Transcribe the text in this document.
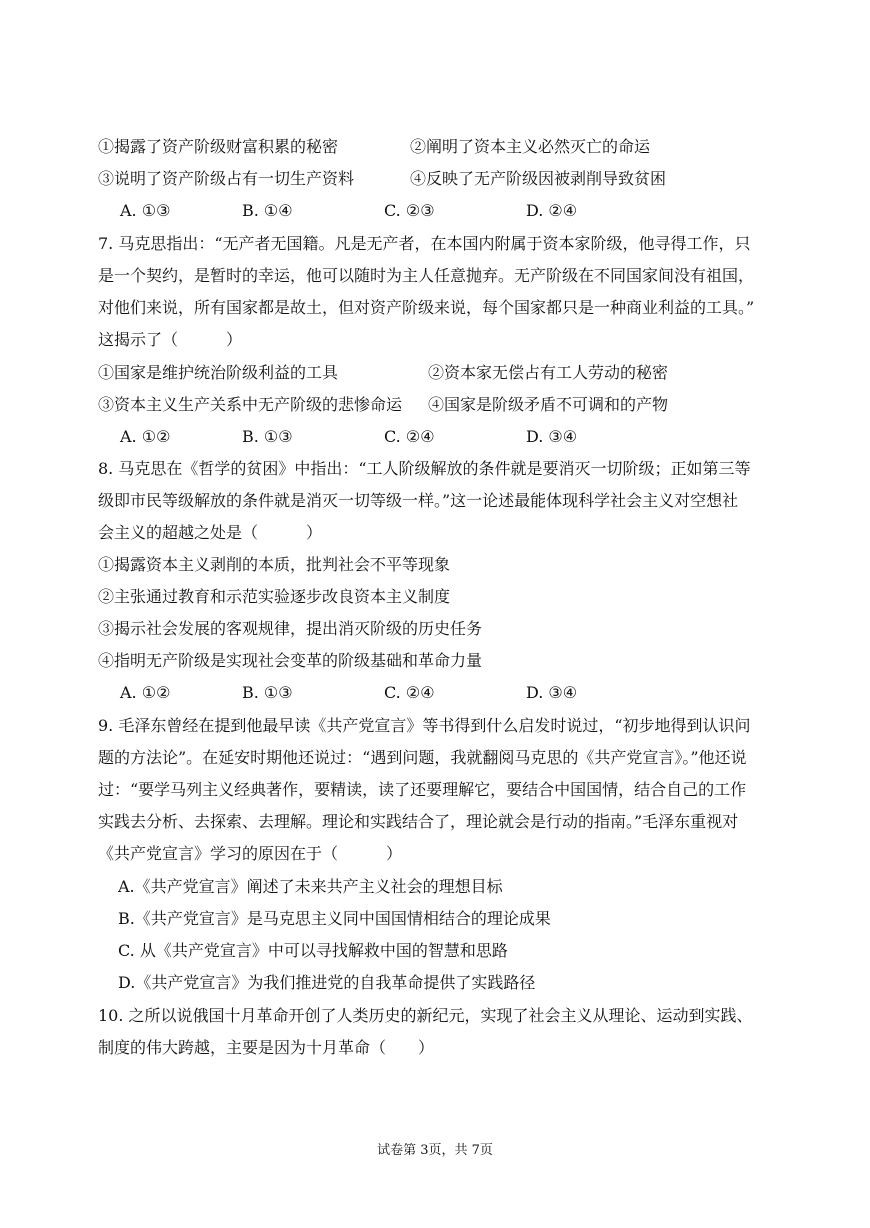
①揭露了资产阶级财富积累的秘密	②阐明了资本主义必然灭亡的命运
③说明了资产阶级占有一切生产资料	④反映了无产阶级因被剥削导致贫困
A. ①③	B. ①④	C. ②③	D. ②④
7. 马克思指出：“无产者无国籍。凡是无产者，在本国内附属于资本家阶级，他寻得工作，只
是一个契约，是暂时的幸运，他可以随时为主人任意抛弃。无产阶级在不同国家间没有祖国，
对他们来说，所有国家都是故土，但对资产阶级来说，每个国家都只是一种商业利益的工具。”
这揭示了（　　　）
①国家是维护统治阶级利益的工具	②资本家无偿占有工人劳动的秘密
③资本主义生产关系中无产阶级的悲惨命运 ④国家是阶级矛盾不可调和的产物
A. ①②	B. ①③	C. ②④	D. ③④
8. 马克思在《哲学的贫困》中指出：“工人阶级解放的条件就是要消灭一切阶级；正如第三等
级即市民等级解放的条件就是消灭一切等级一样。”这一论述最能体现科学社会主义对空想社
会主义的超越之处是（　　　）
①揭露资本主义剥削的本质，批判社会不平等现象
②主张通过教育和示范实验逐步改良资本主义制度
③揭示社会发展的客观规律，提出消灭阶级的历史任务
④指明无产阶级是实现社会变革的阶级基础和革命力量
A. ①②	B. ①③	C. ②④	D. ③④
9. 毛泽东曾经在提到他最早读《共产党宣言》等书得到什么启发时说过，“初步地得到认识问
题的方法论”。在延安时期他还说过：“遇到问题，我就翻阅马克思的《共产党宣言》。”他还说
过：“要学马列主义经典著作，要精读，读了还要理解它，要结合中国国情，结合自己的工作
实践去分析、去探索、去理解。理论和实践结合了，理论就会是行动的指南。”毛泽东重视对
《共产党宣言》学习的原因在于（　　　）
A.《共产党宣言》阐述了未来共产主义社会的理想目标
B.《共产党宣言》是马克思主义同中国国情相结合的理论成果
C. 从《共产党宣言》中可以寻找解救中国的智慧和思路
D.《共产党宣言》为我们推进党的自我革命提供了实践路径
10. 之所以说俄国十月革命开创了人类历史的新纪元，实现了社会主义从理论、运动到实践、
制度的伟大跨越，主要是因为十月革命（　　）
试卷第 3页，共 7页
